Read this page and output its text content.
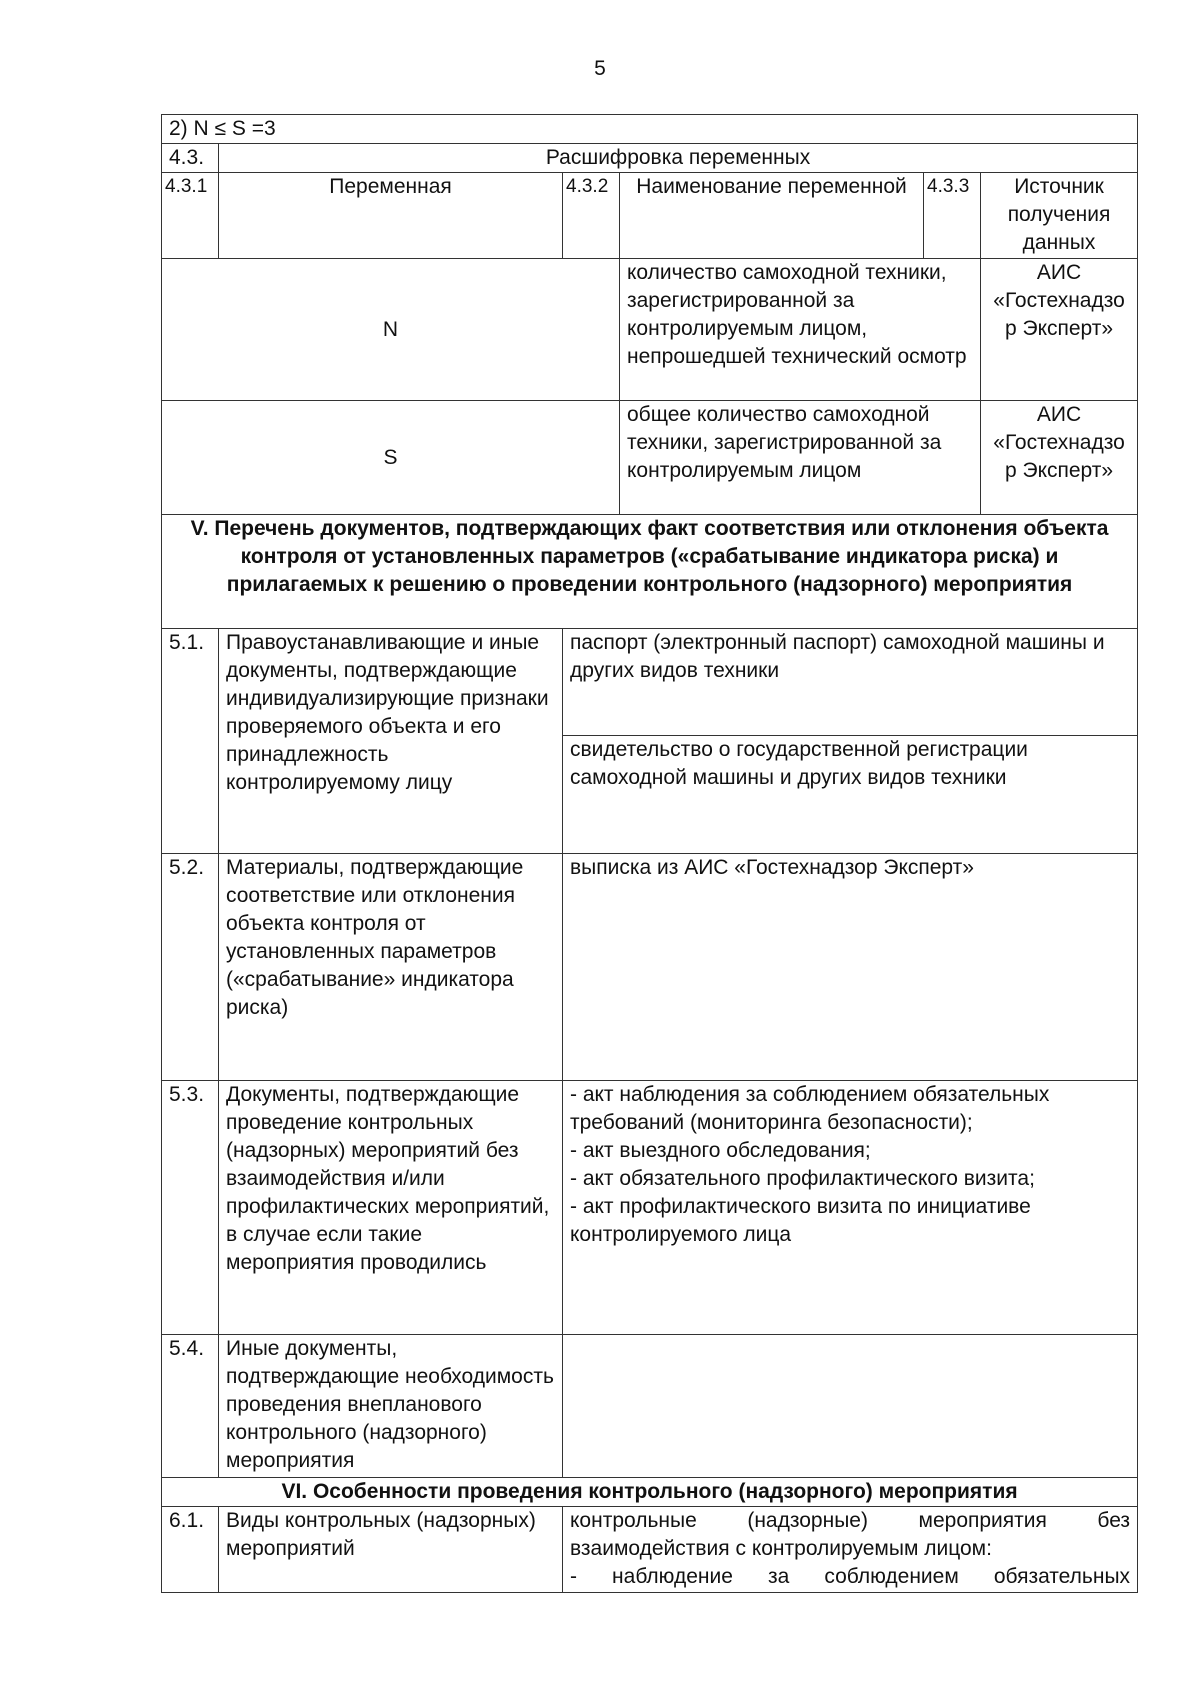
5
2) N ≤ S =3					
4.3.	Расшифровка переменных				
4.3.1	Переменная	4.3.2	Наименование переменной	4.3.3	Источник получения данных
N			количество самоходной техники, зарегистрированной за контролируемым лицом, непрошедшей технический осмотр		АИС «Гостехнадзор Эксперт»
S			общее количество самоходной техники, зарегистрированной за контролируемым лицом		АИС «Гостехнадзор Эксперт»
V. Перечень документов, подтверждающих факт соответствия или отклонения объекта контроля от установленных параметров («срабатывание индикатора риска) и прилагаемых к решению о проведении контрольного (надзорного) мероприятия					
5.1.	Правоустанавливающие и иные документы, подтверждающие индивидуализирующие признаки проверяемого объекта и его принадлежность контролируемому лицу	паспорт (электронный паспорт) самоходной машины и других видов техники			
		свидетельство о государственной регистрации самоходной машины и других видов техники			
5.2.	Материалы, подтверждающие соответствие или отклонения объекта контроля от установленных параметров («срабатывание» индикатора риска)	выписка из АИС «Гостехнадзор Эксперт»			
5.3.	Документы, подтверждающие проведение контрольных (надзорных) мероприятий без взаимодействия и/или профилактических мероприятий, в случае если такие мероприятия проводились	- акт наблюдения за соблюдением обязательных требований (мониторинга безопасности);
- акт выездного обследования;
- акт обязательного профилактического визита;
- акт профилактического визита по инициативе контролируемого лица			

5.4.	Иные документы, подтверждающие необходимость проведения внепланового контрольного (надзорного) мероприятия				
VI. Особенности проведения контрольного (надзорного) мероприятия					
6.1.	Виды контрольных (надзорных) мероприятий	контрольные (надзорные) мероприятия без взаимодействия с контролируемым лицом:
- наблюдение за соблюдением обязательных			
